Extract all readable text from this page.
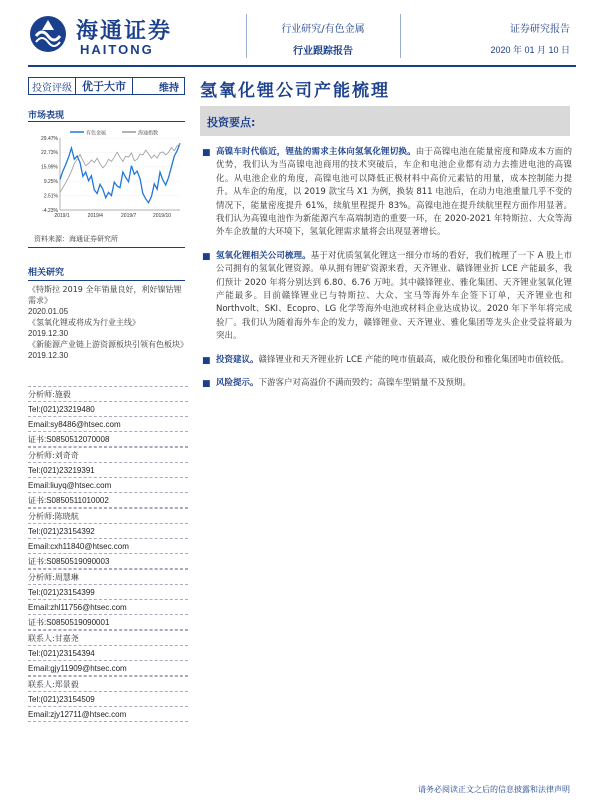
海通证券
HAITONG
行业研究/有色金属
行业跟踪报告
证券研究报告
2020 年 01 月 10 日
投资评级 优于大市	维持 氢氧化锂公司产能梳理
市场表现
有色金属	海通指数
29.47%
22.73%
15.99%
9.25%
2.51%
-4.23%
2019/1	2019/4	2019/7	2019/10
资料来源：海通证券研究所
相关研究
《特斯拉 2019 全年销量良好，利好镍钴锂需求》
2020.01.05
《氢氧化锂或将成为行业主线》
2019.12.30
《新能源产业链上游资源板块引领有色板块》
2019.12.30
分析师:施毅
Tel:(021)23219480
Email:sy8486@htsec.com
证书:S0850512070008
分析师:刘奇奇
Tel:(021)23219391
Email:liuyq@htsec.com
证书:S0850511010002
分析师:陈晓航
Tel:(021)23154392
Email:cxh11840@htsec.com
证书:S0850519090003
分析师:周慧琳
Tel:(021)23154399
Email:zhl11756@htsec.com
证书:S0850519090001
联系人:甘嘉尧
Tel:(021)23154394
Email:gjy11909@htsec.com
联系人:郑景毅
Tel:(021)23154509
Email:zjy12711@htsec.com
投资要点:
■ 高镍车时代临近，锂盐的需求主体向氢氧化锂切换。由于高镍电池在能量密度和降成本方面的优势，我们认为当高镍电池商用的技术突破后，车企和电池企业都有动力去推进电池的高镍化。从电池企业的角度，高镍电池可以降低正极材料中高价元素钴的用量，成本控制能力提升。从车企的角度，以 2019 款宝马 X1 为例，换装 811 电池后，在动力电池重量几乎不变的情况下，能量密度提升 61%，续航里程提升 83%。高镍电池在提升续航里程方面作用显著。我们认为高镍电池作为新能源汽车高端制造的重要一环，在 2020-2021 年特斯拉、大众等海外车企放量的大环境下，氢氧化锂需求量将会出现显著增长。
■ 氢氧化锂相关公司梳理。基于对优质氢氧化锂这一细分市场的看好，我们梳理了一下 A 股上市公司拥有的氢氧化锂资源。单从拥有锂矿资源来看，天齐锂业、赣锋锂业折 LCE 产能最多，我们预计 2020 年将分别达到 6.80、6.76 万吨。其中赣锋锂业、雅化集团、天齐锂业氢氧化锂产能最多。目前赣锋锂业已与特斯拉、大众、宝马等海外车企签下订单，天齐锂业也和 Northvolt、SKI、Ecopro、LG 化学等海外电池或材料企业达成协议。2020 年下半年将完成验厂。我们认为随着海外车企的发力，赣锋锂业、天齐锂业、雅化集团等龙头企业受益将最为突出。
■ 投资建议。赣锋锂业和天齐锂业折 LCE 产能的吨市值最高，威化股份和雅化集团吨市值较低。
■ 风险提示。下游客户对高溢价不满而毁约；高镍车型销量不及预期。
请务必阅读正文之后的信息披露和法律声明
